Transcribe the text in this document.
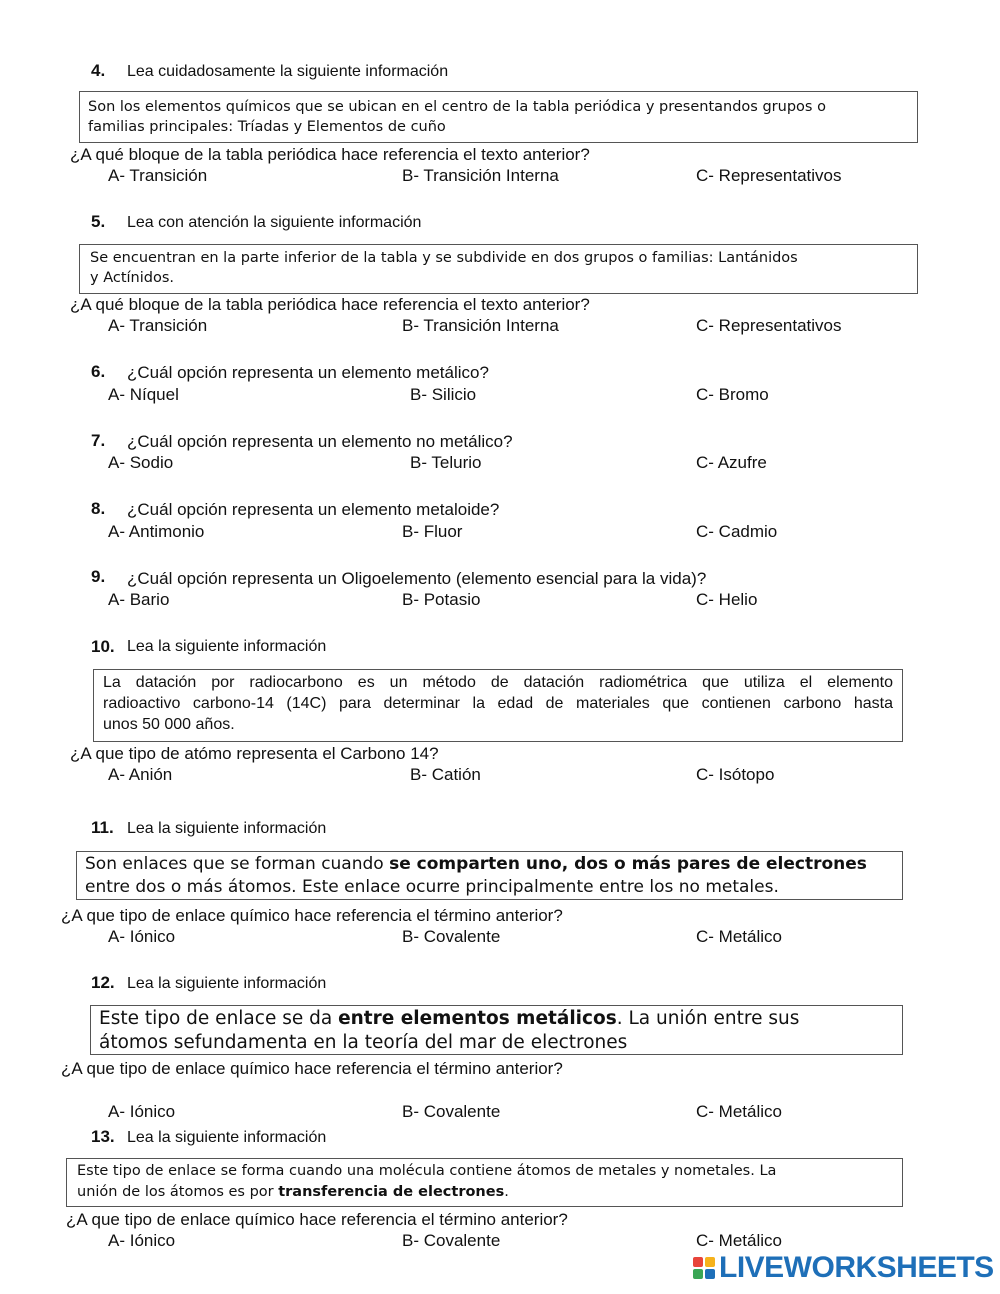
4. Lea cuidadosamente la siguiente información
Son los elementos químicos que se ubican en el centro de la tabla periódica y presentandos grupos o
familias principales: Tríadas y Elementos de cuño
¿A qué bloque de la tabla periódica hace referencia el texto anterior?
A- Transición	B- Transición Interna	C- Representativos
5. Lea con atención la siguiente información
Se encuentran en la parte inferior de la tabla y se subdivide en dos grupos o familias: Lantánidos
y Actínidos.
¿A qué bloque de la tabla periódica hace referencia el texto anterior?
A- Transición	B- Transición Interna	C- Representativos
6. ¿Cuál opción representa un elemento metálico?
A- Níquel	B- Silicio	C- Bromo
7. ¿Cuál opción representa un elemento no metálico?
A- Sodio	B- Telurio	C- Azufre
8. ¿Cuál opción representa un elemento metaloide?
A- Antimonio	B- Fluor	C- Cadmio
9. ¿Cuál opción representa un Oligoelemento (elemento esencial para la vida)?
A- Bario	B- Potasio	C- Helio
10. Lea la siguiente información
La datación por radiocarbono es un método de datación radiométrica que utiliza el elemento
radioactivo carbono-14 (14C) para determinar la edad de materiales que contienen carbono hasta
unos 50 000 años.
¿A que tipo de atómo representa el Carbono 14?
A- Anión	B- Catión	C- Isótopo
11. Lea la siguiente información
Son enlaces que se forman cuando se comparten uno, dos o más pares de electrones
entre dos o más átomos. Este enlace ocurre principalmente entre los no metales.
¿A que tipo de enlace químico hace referencia el término anterior?
A- Iónico	B- Covalente	C- Metálico
12. Lea la siguiente información
Este tipo de enlace se da entre elementos metálicos. La unión entre sus
átomos sefundamenta en la teoría del mar de electrones
¿A que tipo de enlace químico hace referencia el término anterior?
A- Iónico	B- Covalente	C- Metálico
13. Lea la siguiente información
Este tipo de enlace se forma cuando una molécula contiene átomos de metales y nometales. La
unión de los átomos es por transferencia de electrones.
¿A que tipo de enlace químico hace referencia el término anterior?
A- Iónico	B- Covalente	C- Metálico
LIVEWORKSHEETS
